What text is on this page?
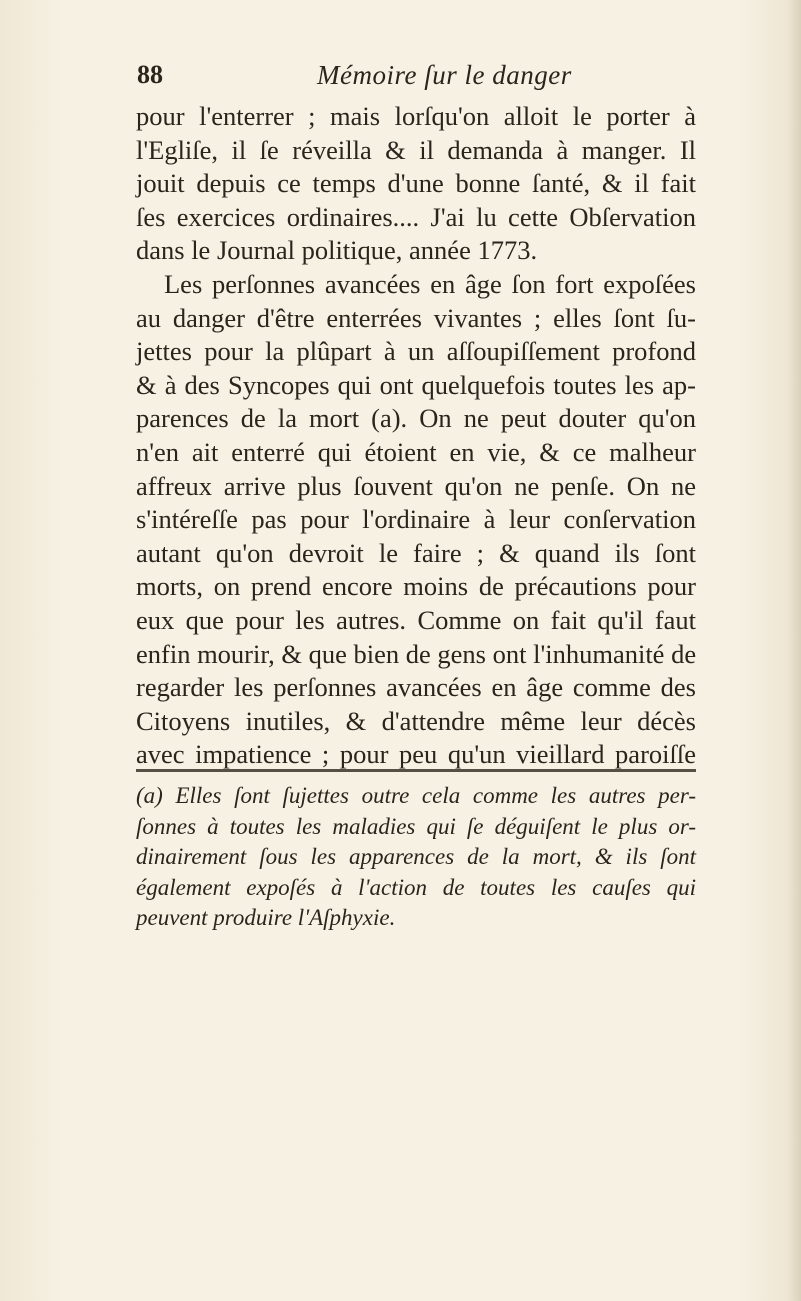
88	Mémoire ſur le danger
pour l'enterrer ; mais lorſqu'on alloit le porter à
l'Egliſe, il ſe réveilla & il demanda à manger. Il
jouit depuis ce temps d'une bonne ſanté, & il fait
ſes exercices ordinaires.... J'ai lu cette Obſervation
dans le Journal politique, année 1773.
Les perſonnes avancées en âge ſon fort expoſées
au danger d'être enterrées vivantes ; elles ſont ſu-
jettes pour la plûpart à un aſſoupiſſement profond
& à des Syncopes qui ont quelquefois toutes les ap-
parences de la mort (a). On ne peut douter qu'on
n'en ait enterré qui étoient en vie, & ce malheur
affreux arrive plus ſouvent qu'on ne penſe. On ne
s'intéreſſe pas pour l'ordinaire à leur conſervation
autant qu'on devroit le faire ; & quand ils ſont
morts, on prend encore moins de précautions pour
eux que pour les autres. Comme on fait qu'il faut
enfin mourir, & que bien de gens ont l'inhumanité de
regarder les perſonnes avancées en âge comme des
Citoyens inutiles, & d'attendre même leur décès
avec impatience ; pour peu qu'un vieillard paroiſſe
(a) Elles ſont ſujettes outre cela comme les autres per-
ſonnes à toutes les maladies qui ſe déguiſent le plus or-
dinairement ſous les apparences de la mort, & ils ſont
également expoſés à l'action de toutes les cauſes qui
peuvent produire l'Aſphyxie.
